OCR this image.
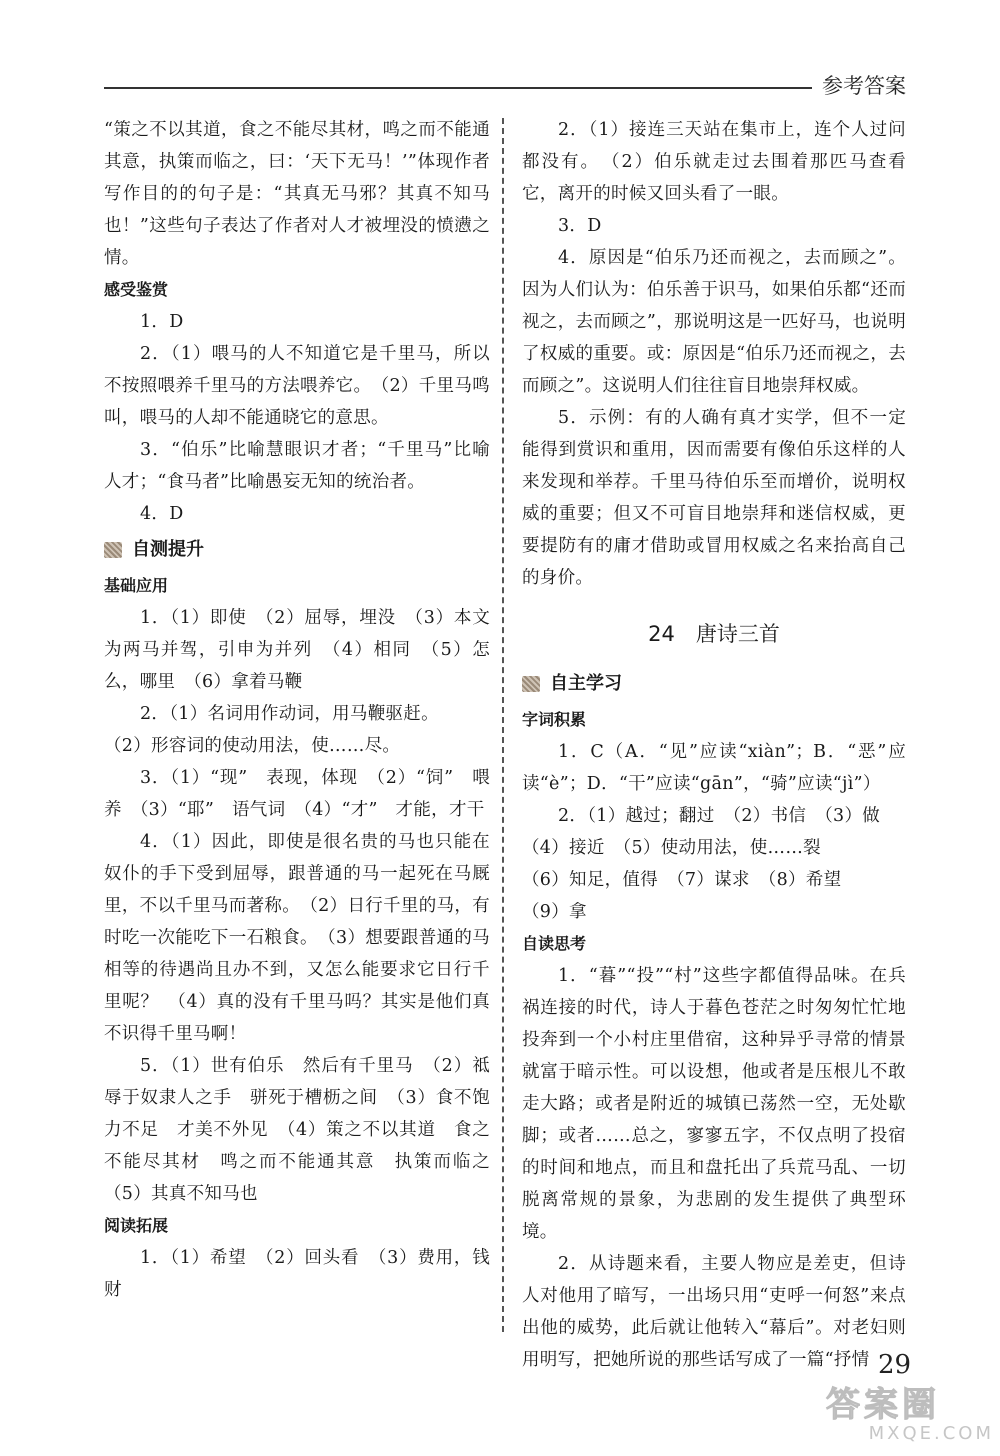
参考答案

“策之不以其道，食之不能尽其材，鸣之而不能通其意，执策而临之，曰：‘天下无马！’”体现作者写作目的的句子是：“其真无马邪？其真不知马也！”这些句子表达了作者对人才被埋没的愤懑之情。

感受鉴赏

1．D

2．（1）喂马的人不知道它是千里马，所以不按照喂养千里马的方法喂养它。　（2）千里马鸣叫，喂马的人却不能通晓它的意思。

3．“伯乐”比喻慧眼识才者；“千里马”比喻人才；“食马者”比喻愚妄无知的统治者。

4．D

自测提升

基础应用

1．（1）即使　（2）屈辱，埋没　（3）本文为两马并驾，引申为并列　（4）相同　（5）怎么，哪里　（6）拿着马鞭

2．（1）名词用作动词，用马鞭驱赶。

（2）形容词的使动用法，使……尽。

3．（1）“现”　表现，体现　（2）“饲”　喂养　（3）“耶”　语气词　（4）“才”　才能，才干

4．（1）因此，即使是很名贵的马也只能在奴仆的手下受到屈辱，跟普通的马一起死在马厩里，不以千里马而著称。　（2）日行千里的马，有时吃一次能吃下一石粮食。　（3）想要跟普通的马相等的待遇尚且办不到，又怎么能要求它日行千里呢？　（4）真的没有千里马吗？其实是他们真不识得千里马啊！

5．（1）世有伯乐　然后有千里马　（2）祗辱于奴隶人之手　骈死于槽枥之间　（3）食不饱　力不足　才美不外见　（4）策之不以其道　食之不能尽其材　鸣之而不能通其意　执策而临之　（5）其真不知马也

阅读拓展

1．（1）希望　（2）回头看　（3）费用，钱财

2．（1）接连三天站在集市上，连个人过问都没有。　（2）伯乐就走过去围着那匹马查看它，离开的时候又回头看了一眼。

3．D

4．原因是“伯乐乃还而视之，去而顾之”。因为人们认为：伯乐善于识马，如果伯乐都“还而视之，去而顾之”，那说明这是一匹好马，也说明了权威的重要。或：原因是“伯乐乃还而视之，去而顾之”。这说明人们往往盲目地崇拜权威。

5．示例：有的人确有真才实学，但不一定能得到赏识和重用，因而需要有像伯乐这样的人来发现和举荐。千里马待伯乐至而增价，说明权威的重要；但又不可盲目地崇拜和迷信权威，更要提防有的庸才借助或冒用权威之名来抬高自己的身价。

24　唐诗三首
自主学习

字词积累

1．C（A．“见”应读“xiàn”；B．“恶”应读“è”；D．“干”应读“gān”，“骑”应读“jì”）

2．（1）越过；翻过　（2）书信　（3）做

（4）接近　（5）使动用法，使……裂

（6）知足，值得　（7）谋求　（8）希望

（9）拿

自读思考

1．“暮”“投”“村”这些字都值得品味。在兵祸连接的时代，诗人于暮色苍茫之时匆匆忙忙地投奔到一个小村庄里借宿，这种异乎寻常的情景就富于暗示性。可以设想，他或者是压根儿不敢走大路；或者是附近的城镇已荡然一空，无处歇脚；或者……总之，寥寥五字，不仅点明了投宿的时间和地点，而且和盘托出了兵荒马乱、一切脱离常规的景象，为悲剧的发生提供了典型环境。

2．从诗题来看，主要人物应是差吏，但诗人对他用了暗写，一出场只用“吏呼一何怒”来点出他的威势，此后就让他转入“幕后”。对老妇则用明写，把她所说的那些话写成了一篇“抒情 29
答案圈
MXQE.COM
